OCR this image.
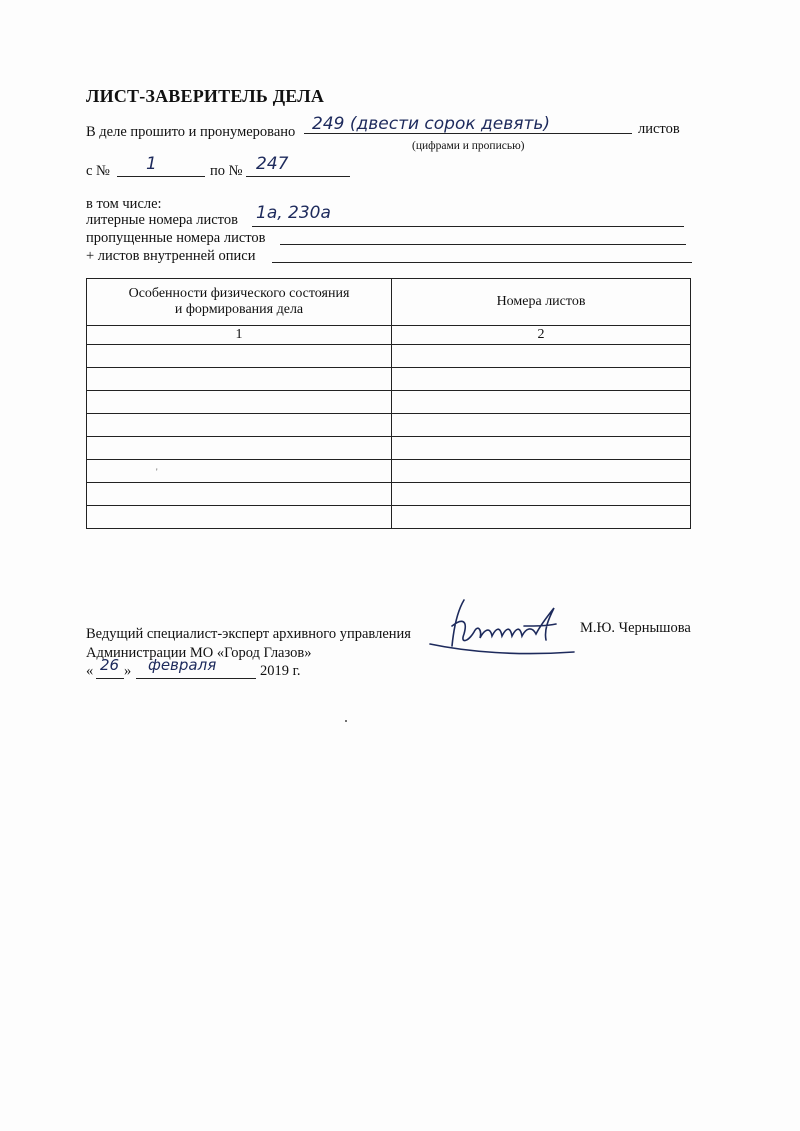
ЛИСТ-ЗАВЕРИТЕЛЬ ДЕЛА
В деле прошито и пронумеровано 249 (двести сорок девять)	листов
(цифрами и прописью)
с № 1	по № 247
в том числе:
литерные номера листов 1а, 230а
пропущенные номера листов
+ листов внутренней описи
Особенности физического состояния
и формирования дела	Номера листов
1	2

'
Ведущий специалист-эксперт архивного управления	М.Ю. Чернышова
Администрации МО «Город Глазов»
« 26 » февраля	2019 г.
